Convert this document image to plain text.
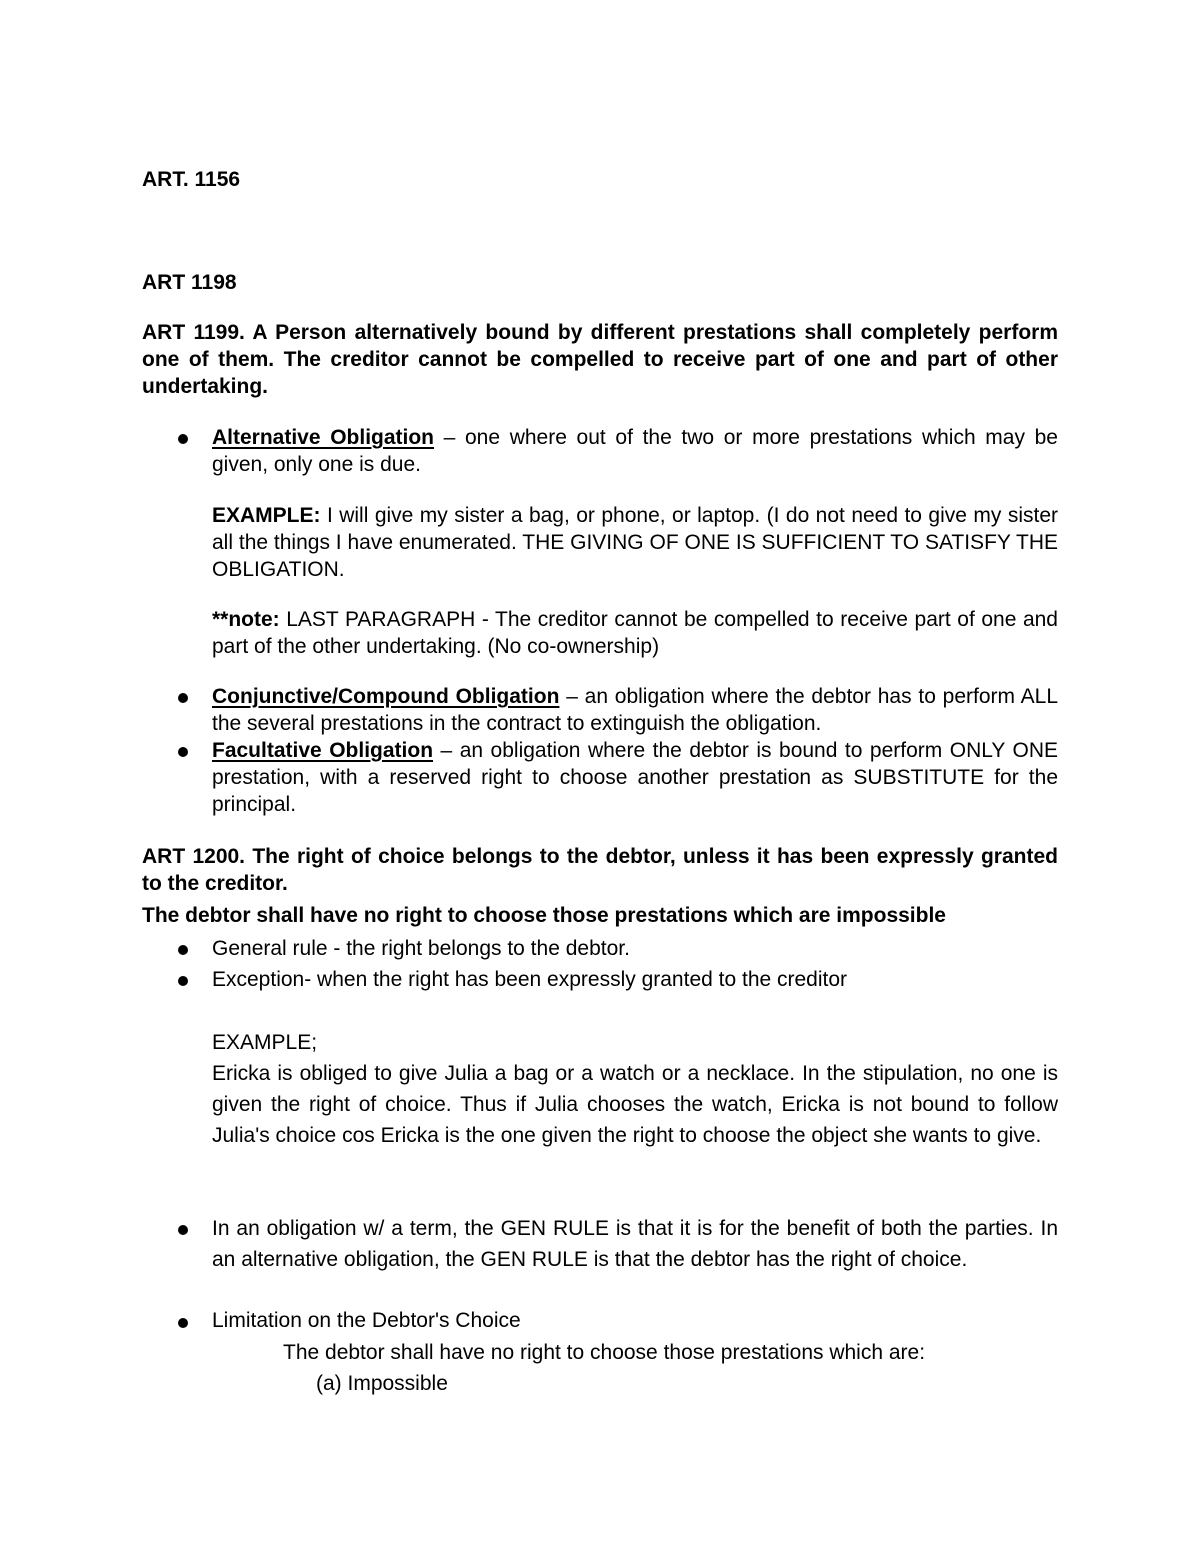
ART. 1156
ART 1198
ART 1199. A Person alternatively bound by different prestations shall completely perform one of them. The creditor cannot be compelled to receive part of one and part of other undertaking.
Alternative Obligation – one where out of the two or more prestations which may be given, only one is due.
EXAMPLE: I will give my sister a bag, or phone, or laptop. (I do not need to give my sister all the things I have enumerated. THE GIVING OF ONE IS SUFFICIENT TO SATISFY THE OBLIGATION.
**note: LAST PARAGRAPH - The creditor cannot be compelled to receive part of one and part of the other undertaking. (No co-ownership)
Conjunctive/Compound Obligation – an obligation where the debtor has to perform ALL the several prestations in the contract to extinguish the obligation.
Facultative Obligation – an obligation where the debtor is bound to perform ONLY ONE prestation, with a reserved right to choose another prestation as SUBSTITUTE for the principal.
ART 1200. The right of choice belongs to the debtor, unless it has been expressly granted to the creditor.
The debtor shall have no right to choose those prestations which are impossible
General rule - the right belongs to the debtor.
Exception- when the right has been expressly granted to the creditor
EXAMPLE;
Ericka is obliged to give Julia a bag or a watch or a necklace. In the stipulation, no one is given the right of choice. Thus if Julia chooses the watch, Ericka is not bound to follow Julia's choice cos Ericka is the one given the right to choose the object she wants to give.
In an obligation w/ a term, the GEN RULE is that it is for the benefit of both the parties. In an alternative obligation, the GEN RULE is that the debtor has the right of choice.
Limitation on the Debtor's Choice
The debtor shall have no right to choose those prestations which are:
(a) Impossible
